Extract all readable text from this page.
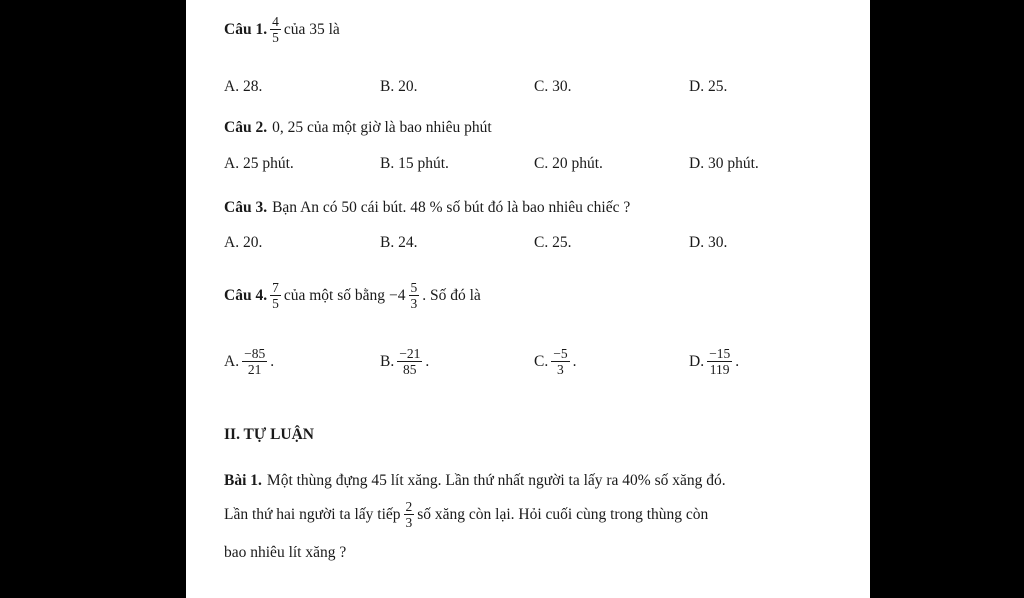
Câu 1. $\frac{4}{5}$ của 35 là
A. 28.	B. 20.	C. 30.	D. 25.
Câu 2. 0, 25 của một giờ là bao nhiêu phút
A. 25 phút.	B. 15 phút.	C. 20 phút.	D. 30 phút.
Câu 3. Bạn An có 50 cái bút. 48 % số bút đó là bao nhiêu chiếc ?
A. 20.	B. 24.	C. 25.	D. 30.
Câu 4. $\frac{7}{5}$ của một số bằng $-4 \frac{5}{3}$ . Số đó là
A. $\frac{-85}{21}$ .	B. $\frac{-21}{85}$ .	C. $\frac{-5}{3}$ .	D. $\frac{-15}{119}$ .
II. TỰ LUẬN
Bài 1. Một thùng đựng 45 lít xăng. Lần thứ nhất người ta lấy ra 40% số xăng đó.
Lần thứ hai người ta lấy tiếp $\frac{2}{3}$ số xăng còn lại. Hỏi cuối cùng trong thùng còn
bao nhiêu lít xăng ?
